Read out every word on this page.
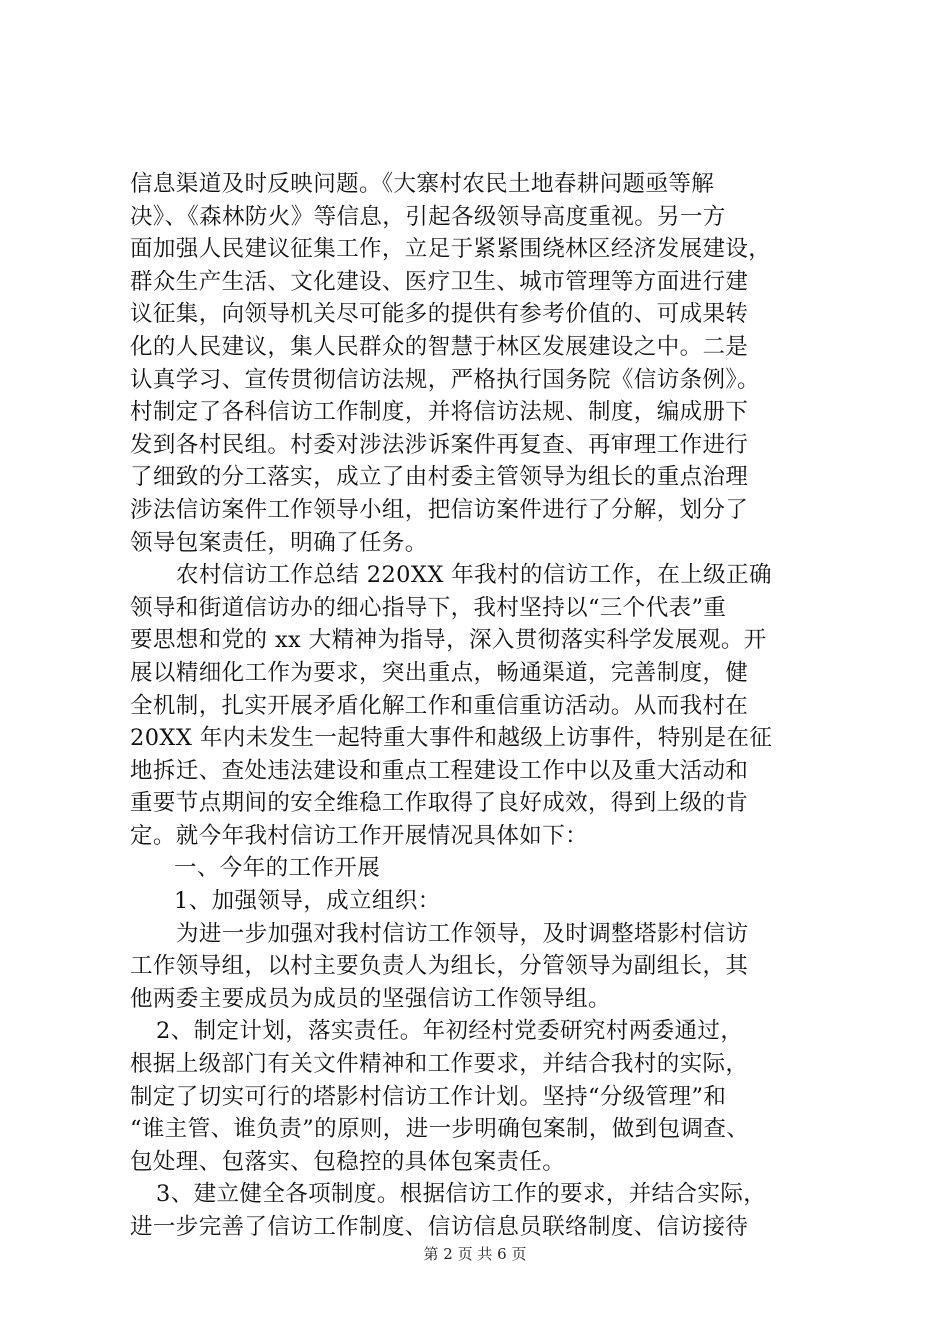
信息渠道及时反映问题。《大寨村农民土地春耕问题亟等解
决》、《森林防火》等信息，引起各级领导高度重视。另一方
面加强人民建议征集工作，立足于紧紧围绕林区经济发展建设，
群众生产生活、文化建设、医疗卫生、城市管理等方面进行建
议征集，向领导机关尽可能多的提供有参考价值的、可成果转
化的人民建议，集人民群众的智慧于林区发展建设之中。二是
认真学习、宣传贯彻信访法规，严格执行国务院《信访条例》。
村制定了各科信访工作制度，并将信访法规、制度，编成册下
发到各村民组。村委对涉法涉诉案件再复查、再审理工作进行
了细致的分工落实，成立了由村委主管领导为组长的重点治理
涉法信访案件工作领导小组，把信访案件进行了分解，划分了
领导包案责任，明确了任务。
农村信访工作总结 220XX 年我村的信访工作，在上级正确
领导和街道信访办的细心指导下，我村坚持以“三个代表”重
要思想和党的 xx 大精神为指导，深入贯彻落实科学发展观。开
展以精细化工作为要求，突出重点，畅通渠道，完善制度，健
全机制，扎实开展矛盾化解工作和重信重访活动。从而我村在
20XX 年内未发生一起特重大事件和越级上访事件，特别是在征
地拆迁、查处违法建设和重点工程建设工作中以及重大活动和
重要节点期间的安全维稳工作取得了良好成效，得到上级的肯
定。就今年我村信访工作开展情况具体如下：
一、今年的工作开展
1、加强领导，成立组织：
为进一步加强对我村信访工作领导，及时调整塔影村信访
工作领导组，以村主要负责人为组长，分管领导为副组长，其
他两委主要成员为成员的坚强信访工作领导组。
2、制定计划，落实责任。年初经村党委研究村两委通过，
根据上级部门有关文件精神和工作要求，并结合我村的实际，
制定了切实可行的塔影村信访工作计划。坚持“分级管理”和
“谁主管、谁负责”的原则，进一步明确包案制，做到包调查、
包处理、包落实、包稳控的具体包案责任。
3、建立健全各项制度。根据信访工作的要求，并结合实际，
进一步完善了信访工作制度、信访信息员联络制度、信访接待
第 2 页 共 6 页
